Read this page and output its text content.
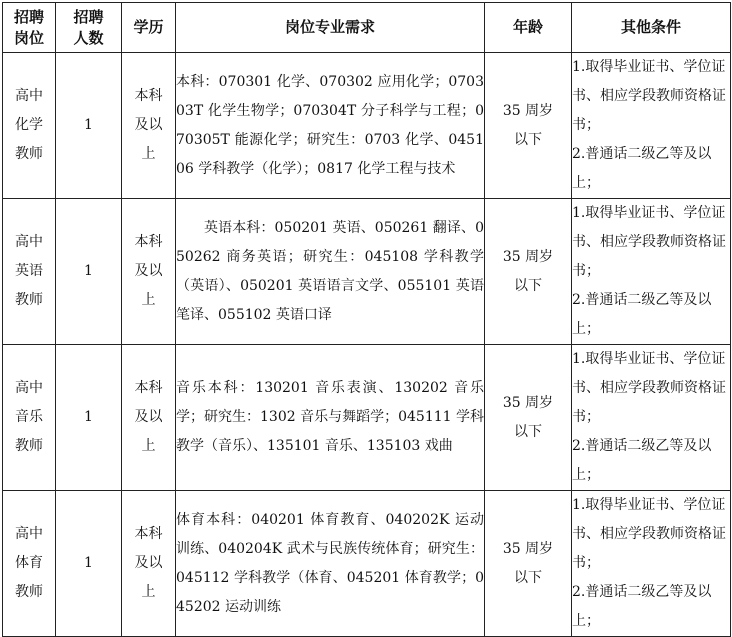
招聘岗位	招聘人数	学历	岗位专业需求	年龄	其他条件
高中化学教师	1	本科及以上	本科：070301 化学、070302 应用化学；070303T 化学生物学；070304T 分子科学与工程；070305T 能源化学；研究生：0703 化学、045106 学科教学（化学）；0817 化学工程与技术	35 周岁以下	1.取得毕业证书、学位证书、相应学段教师资格证书；
2.普通话二级乙等及以上；

高中英语教师	1	本科及以上	英语本科：050201 英语、050261 翻译、050262 商务英语；研究生：045108 学科教学（英语）、050201 英语语言文学、055101 英语笔译、055102 英语口译	35 周岁以下	1.取得毕业证书、学位证书、相应学段教师资格证书；
2.普通话二级乙等及以上；

高中音乐教师	1	本科及以上	音乐本科：130201 音乐表演、130202 音乐学；研究生：1302 音乐与舞蹈学；045111 学科教学（音乐）、135101 音乐、135103 戏曲	35 周岁以下	1.取得毕业证书、学位证书、相应学段教师资格证书；
2.普通话二级乙等及以上；

高中体育教师	1	本科及以上	体育本科：040201 体育教育、040202K 运动训练、040204K 武术与民族传统体育；研究生：045112 学科教学（体育、045201 体育教学；045202 运动训练	35 周岁以下	1.取得毕业证书、学位证书、相应学段教师资格证书；
2.普通话二级乙等及以上；
